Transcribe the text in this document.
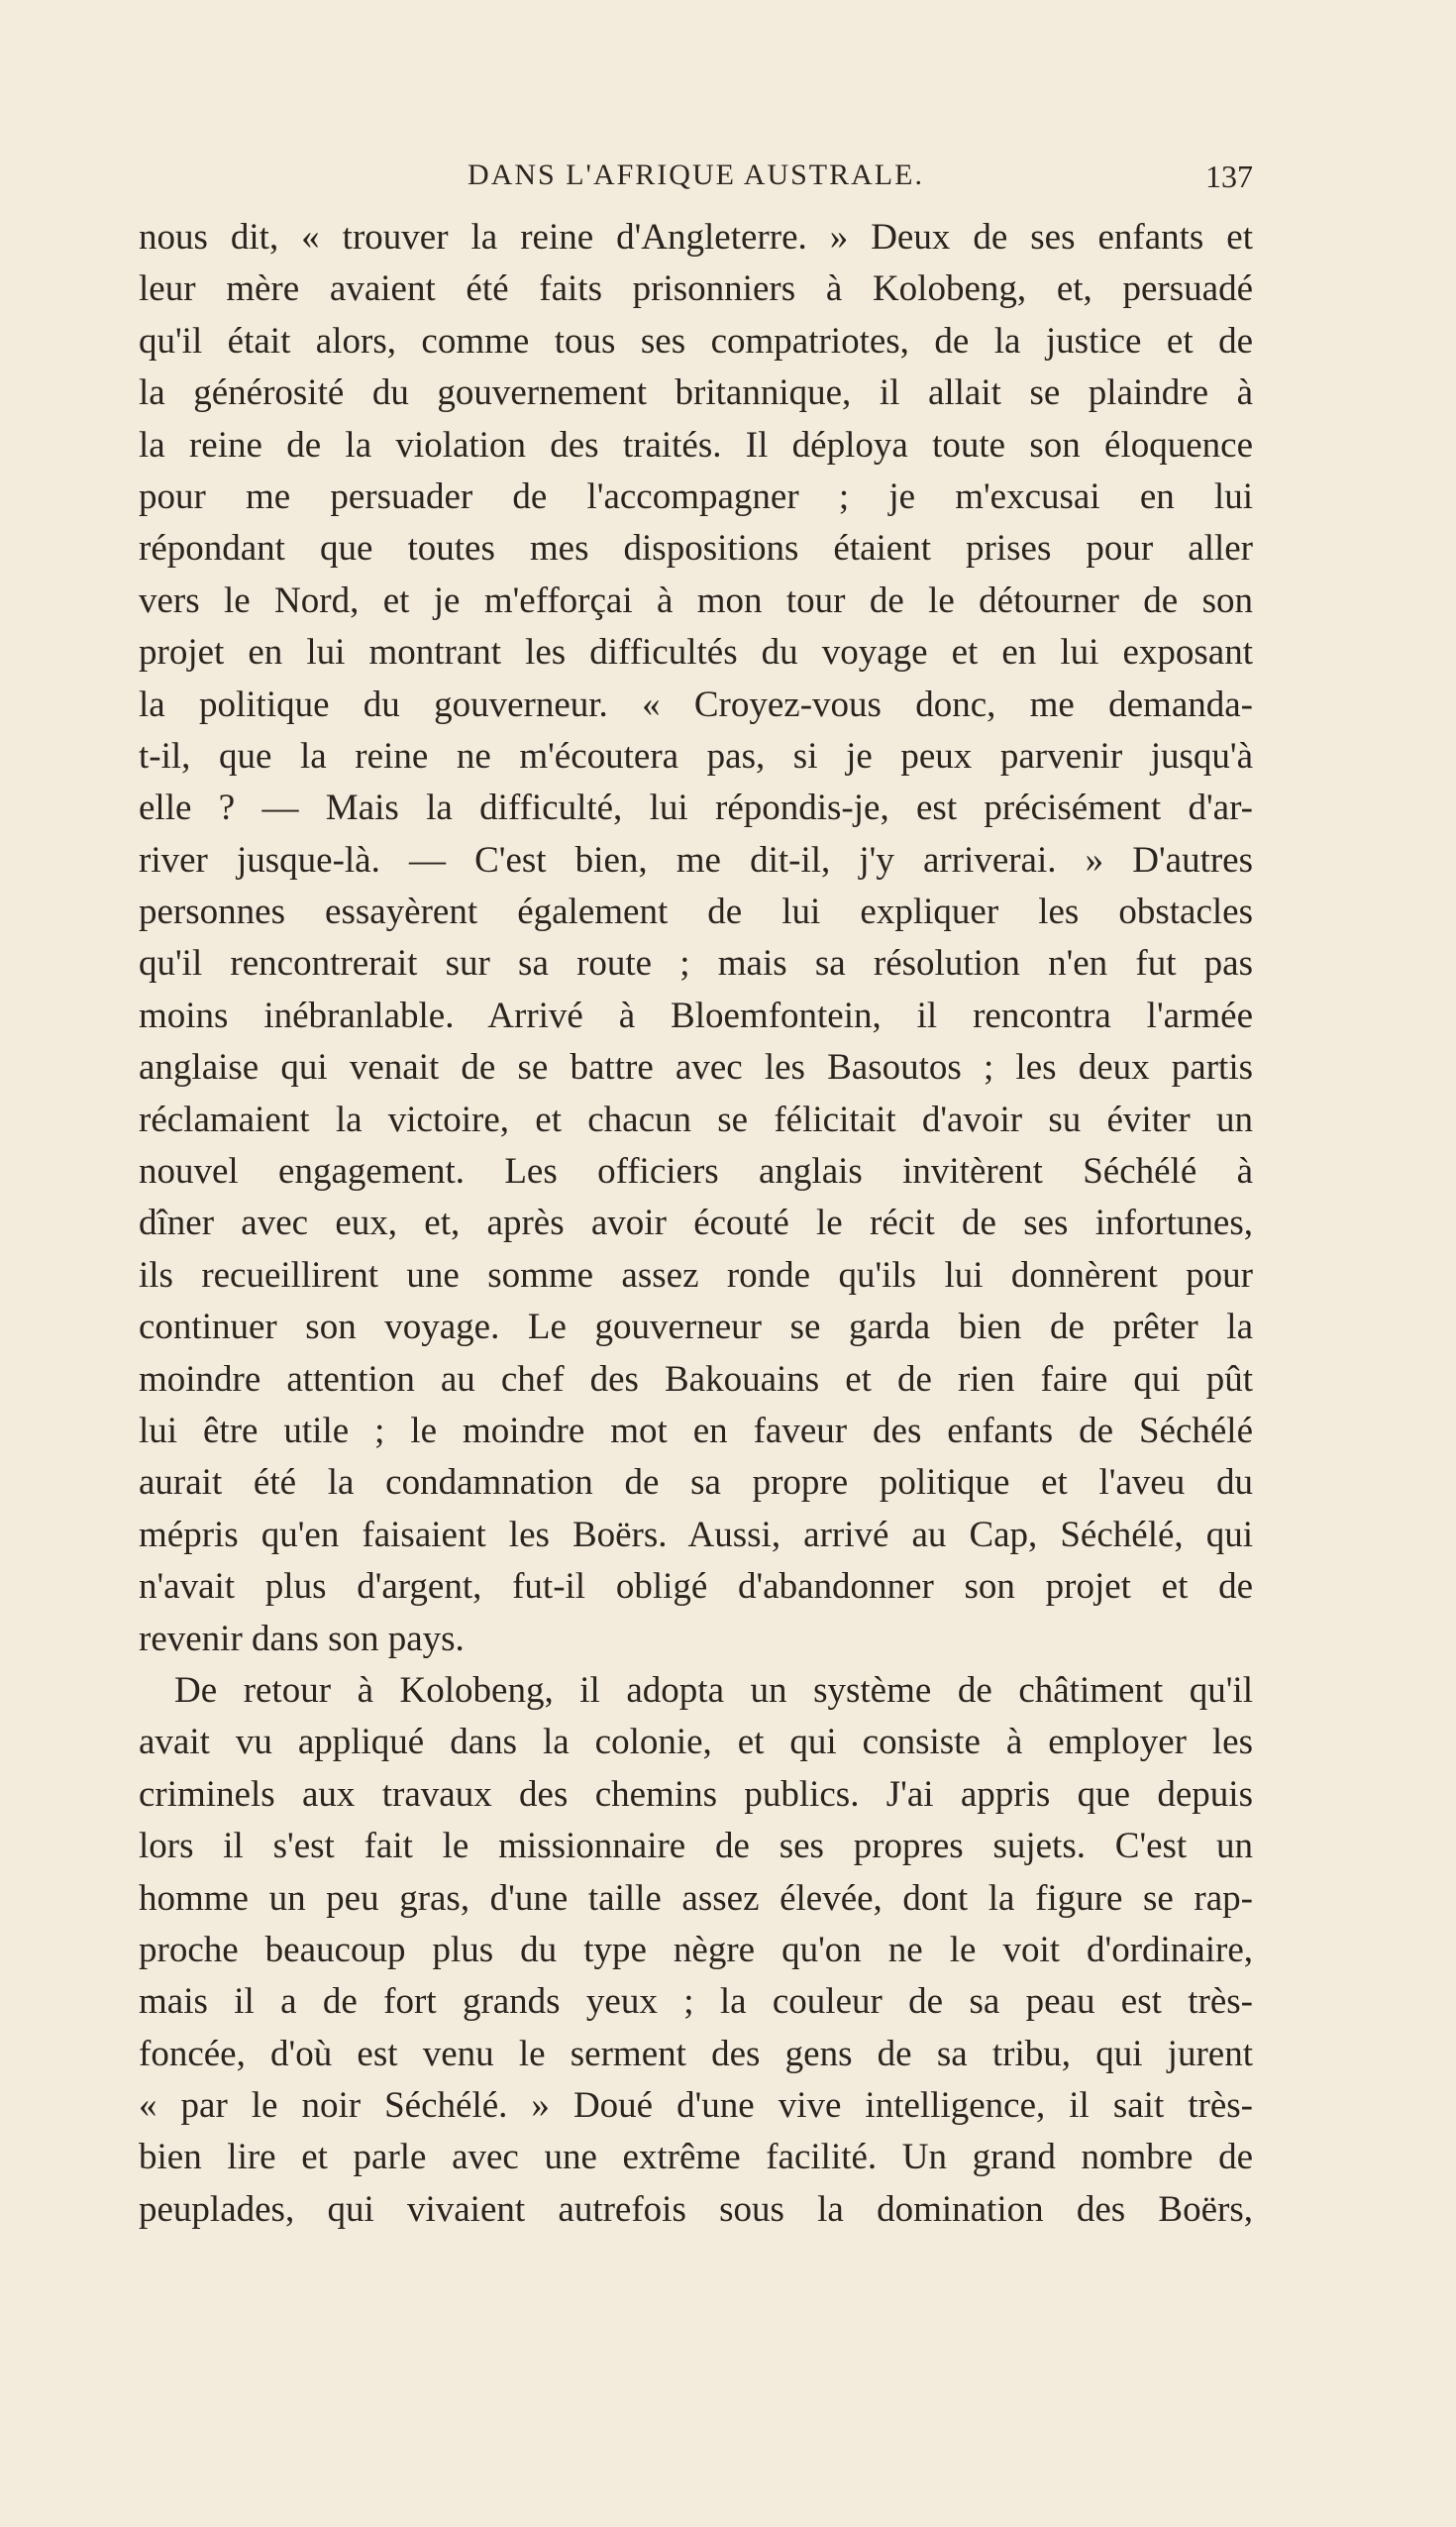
DANS L'AFRIQUE AUSTRALE.	137
nous dit, « trouver la reine d'Angleterre. » Deux de ses enfants et
leur mère avaient été faits prisonniers à Kolobeng, et, persuadé
qu'il était alors, comme tous ses compatriotes, de la justice et de
la générosité du gouvernement britannique, il allait se plaindre à
la reine de la violation des traités. Il déploya toute son éloquence
pour me persuader de l'accompagner ; je m'excusai en lui
répondant que toutes mes dispositions étaient prises pour aller
vers le Nord, et je m'efforçai à mon tour de le détourner de son
projet en lui montrant les difficultés du voyage et en lui exposant
la politique du gouverneur. « Croyez-vous donc, me demanda-
t-il, que la reine ne m'écoutera pas, si je peux parvenir jusqu'à
elle ? — Mais la difficulté, lui répondis-je, est précisément d'ar-
river jusque-là. — C'est bien, me dit-il, j'y arriverai. » D'autres
personnes essayèrent également de lui expliquer les obstacles
qu'il rencontrerait sur sa route ; mais sa résolution n'en fut pas
moins inébranlable. Arrivé à Bloemfontein, il rencontra l'armée
anglaise qui venait de se battre avec les Basoutos ; les deux partis
réclamaient la victoire, et chacun se félicitait d'avoir su éviter un
nouvel engagement. Les officiers anglais invitèrent Séchélé à
dîner avec eux, et, après avoir écouté le récit de ses infortunes,
ils recueillirent une somme assez ronde qu'ils lui donnèrent pour
continuer son voyage. Le gouverneur se garda bien de prêter la
moindre attention au chef des Bakouains et de rien faire qui pût
lui être utile ; le moindre mot en faveur des enfants de Séchélé
aurait été la condamnation de sa propre politique et l'aveu du
mépris qu'en faisaient les Boërs. Aussi, arrivé au Cap, Séchélé, qui
n'avait plus d'argent, fut-il obligé d'abandonner son projet et de
revenir dans son pays.
De retour à Kolobeng, il adopta un système de châtiment qu'il
avait vu appliqué dans la colonie, et qui consiste à employer les
criminels aux travaux des chemins publics. J'ai appris que depuis
lors il s'est fait le missionnaire de ses propres sujets. C'est un
homme un peu gras, d'une taille assez élevée, dont la figure se rap-
proche beaucoup plus du type nègre qu'on ne le voit d'ordinaire,
mais il a de fort grands yeux ; la couleur de sa peau est très-
foncée, d'où est venu le serment des gens de sa tribu, qui jurent
« par le noir Séchélé. » Doué d'une vive intelligence, il sait très-
bien lire et parle avec une extrême facilité. Un grand nombre de
peuplades, qui vivaient autrefois sous la domination des Boërs,
